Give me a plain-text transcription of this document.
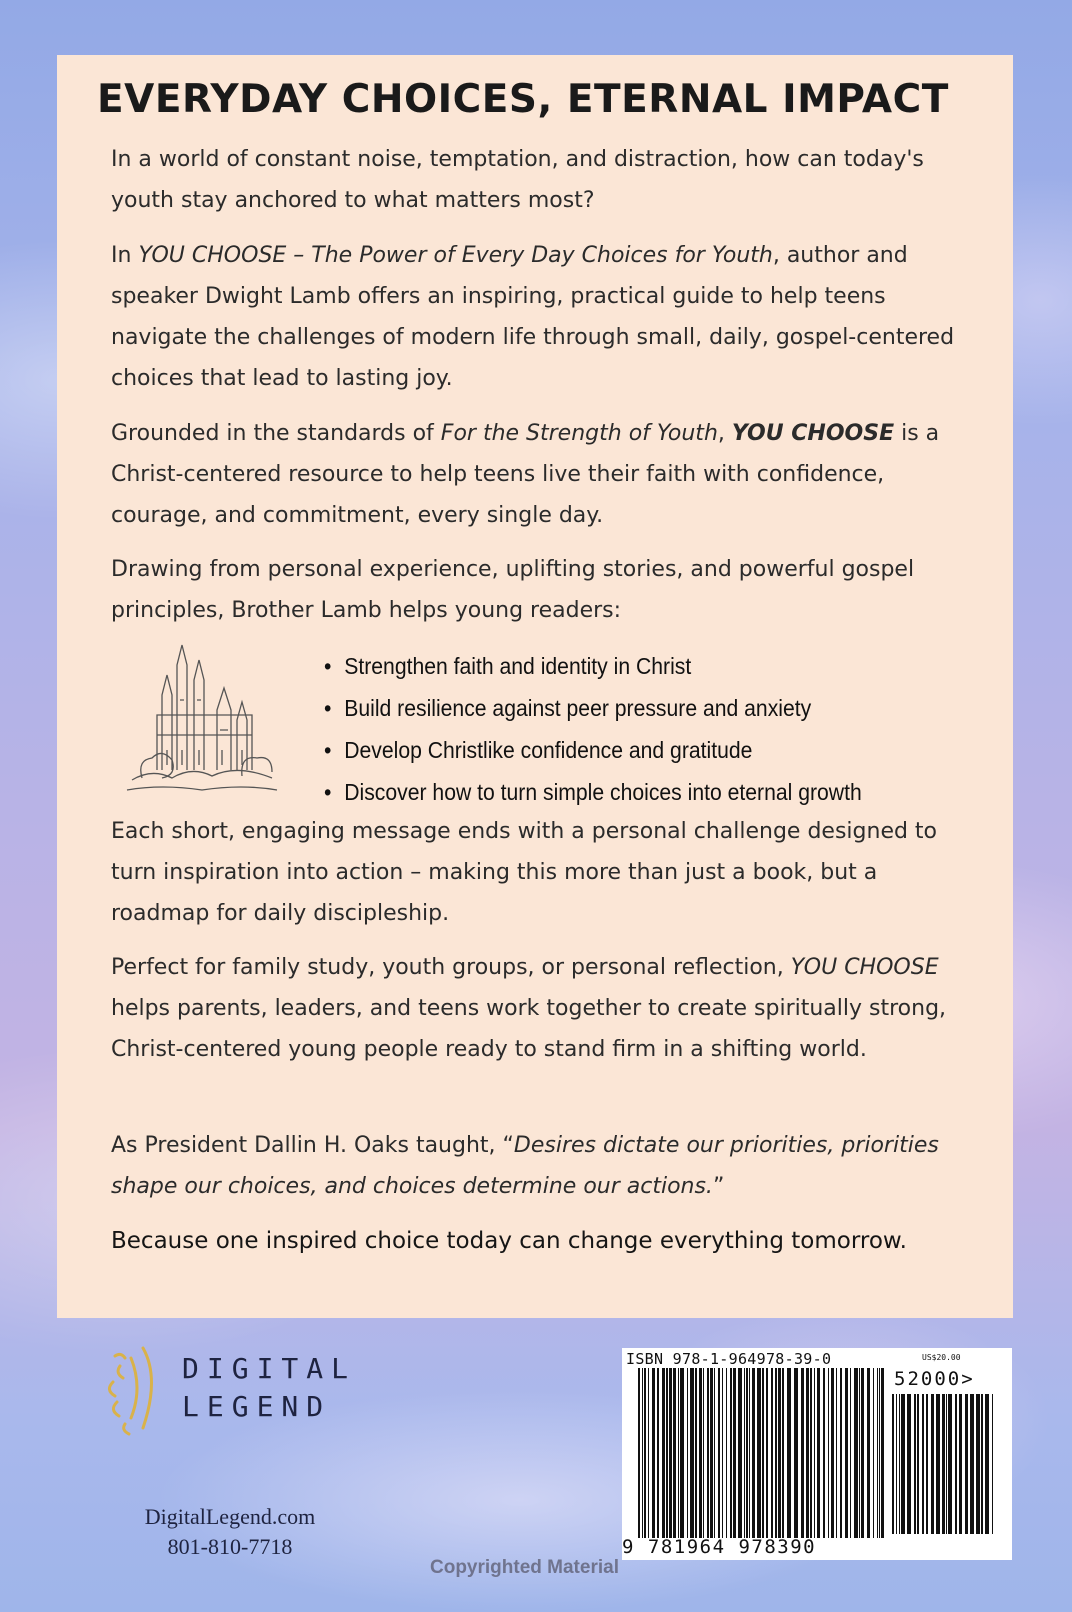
EVERYDAY CHOICES, ETERNAL IMPACT
In a world of constant noise, temptation, and distraction, how can today's youth stay anchored to what matters most?
In YOU CHOOSE – The Power of Every Day Choices for Youth, author and speaker Dwight Lamb offers an inspiring, practical guide to help teens navigate the challenges of modern life through small, daily, gospel-centered choices that lead to lasting joy.
Grounded in the standards of For the Strength of Youth, YOU CHOOSE is a Christ-centered resource to help teens live their faith with confidence, courage, and commitment, every single day.
Drawing from personal experience, uplifting stories, and powerful gospel principles, Brother Lamb helps young readers:
• Strengthen faith and identity in Christ
• Build resilience against peer pressure and anxiety
• Develop Christlike confidence and gratitude
• Discover how to turn simple choices into eternal growth
Each short, engaging message ends with a personal challenge designed to turn inspiration into action – making this more than just a book, but a roadmap for daily discipleship.
Perfect for family study, youth groups, or personal reflection, YOU CHOOSE helps parents, leaders, and teens work together to create spiritually strong, Christ-centered young people ready to stand firm in a shifting world.
As President Dallin H. Oaks taught, “Desires dictate our priorities, priorities shape our choices, and choices determine our actions.”
Because one inspired choice today can change everything tomorrow.
DIGITAL
LEGEND
DigitalLegend.com
801-810-7718
ISBN 978-1-964978-39-0	US$20.00
52000>
9 781964 978390
Copyrighted Material
